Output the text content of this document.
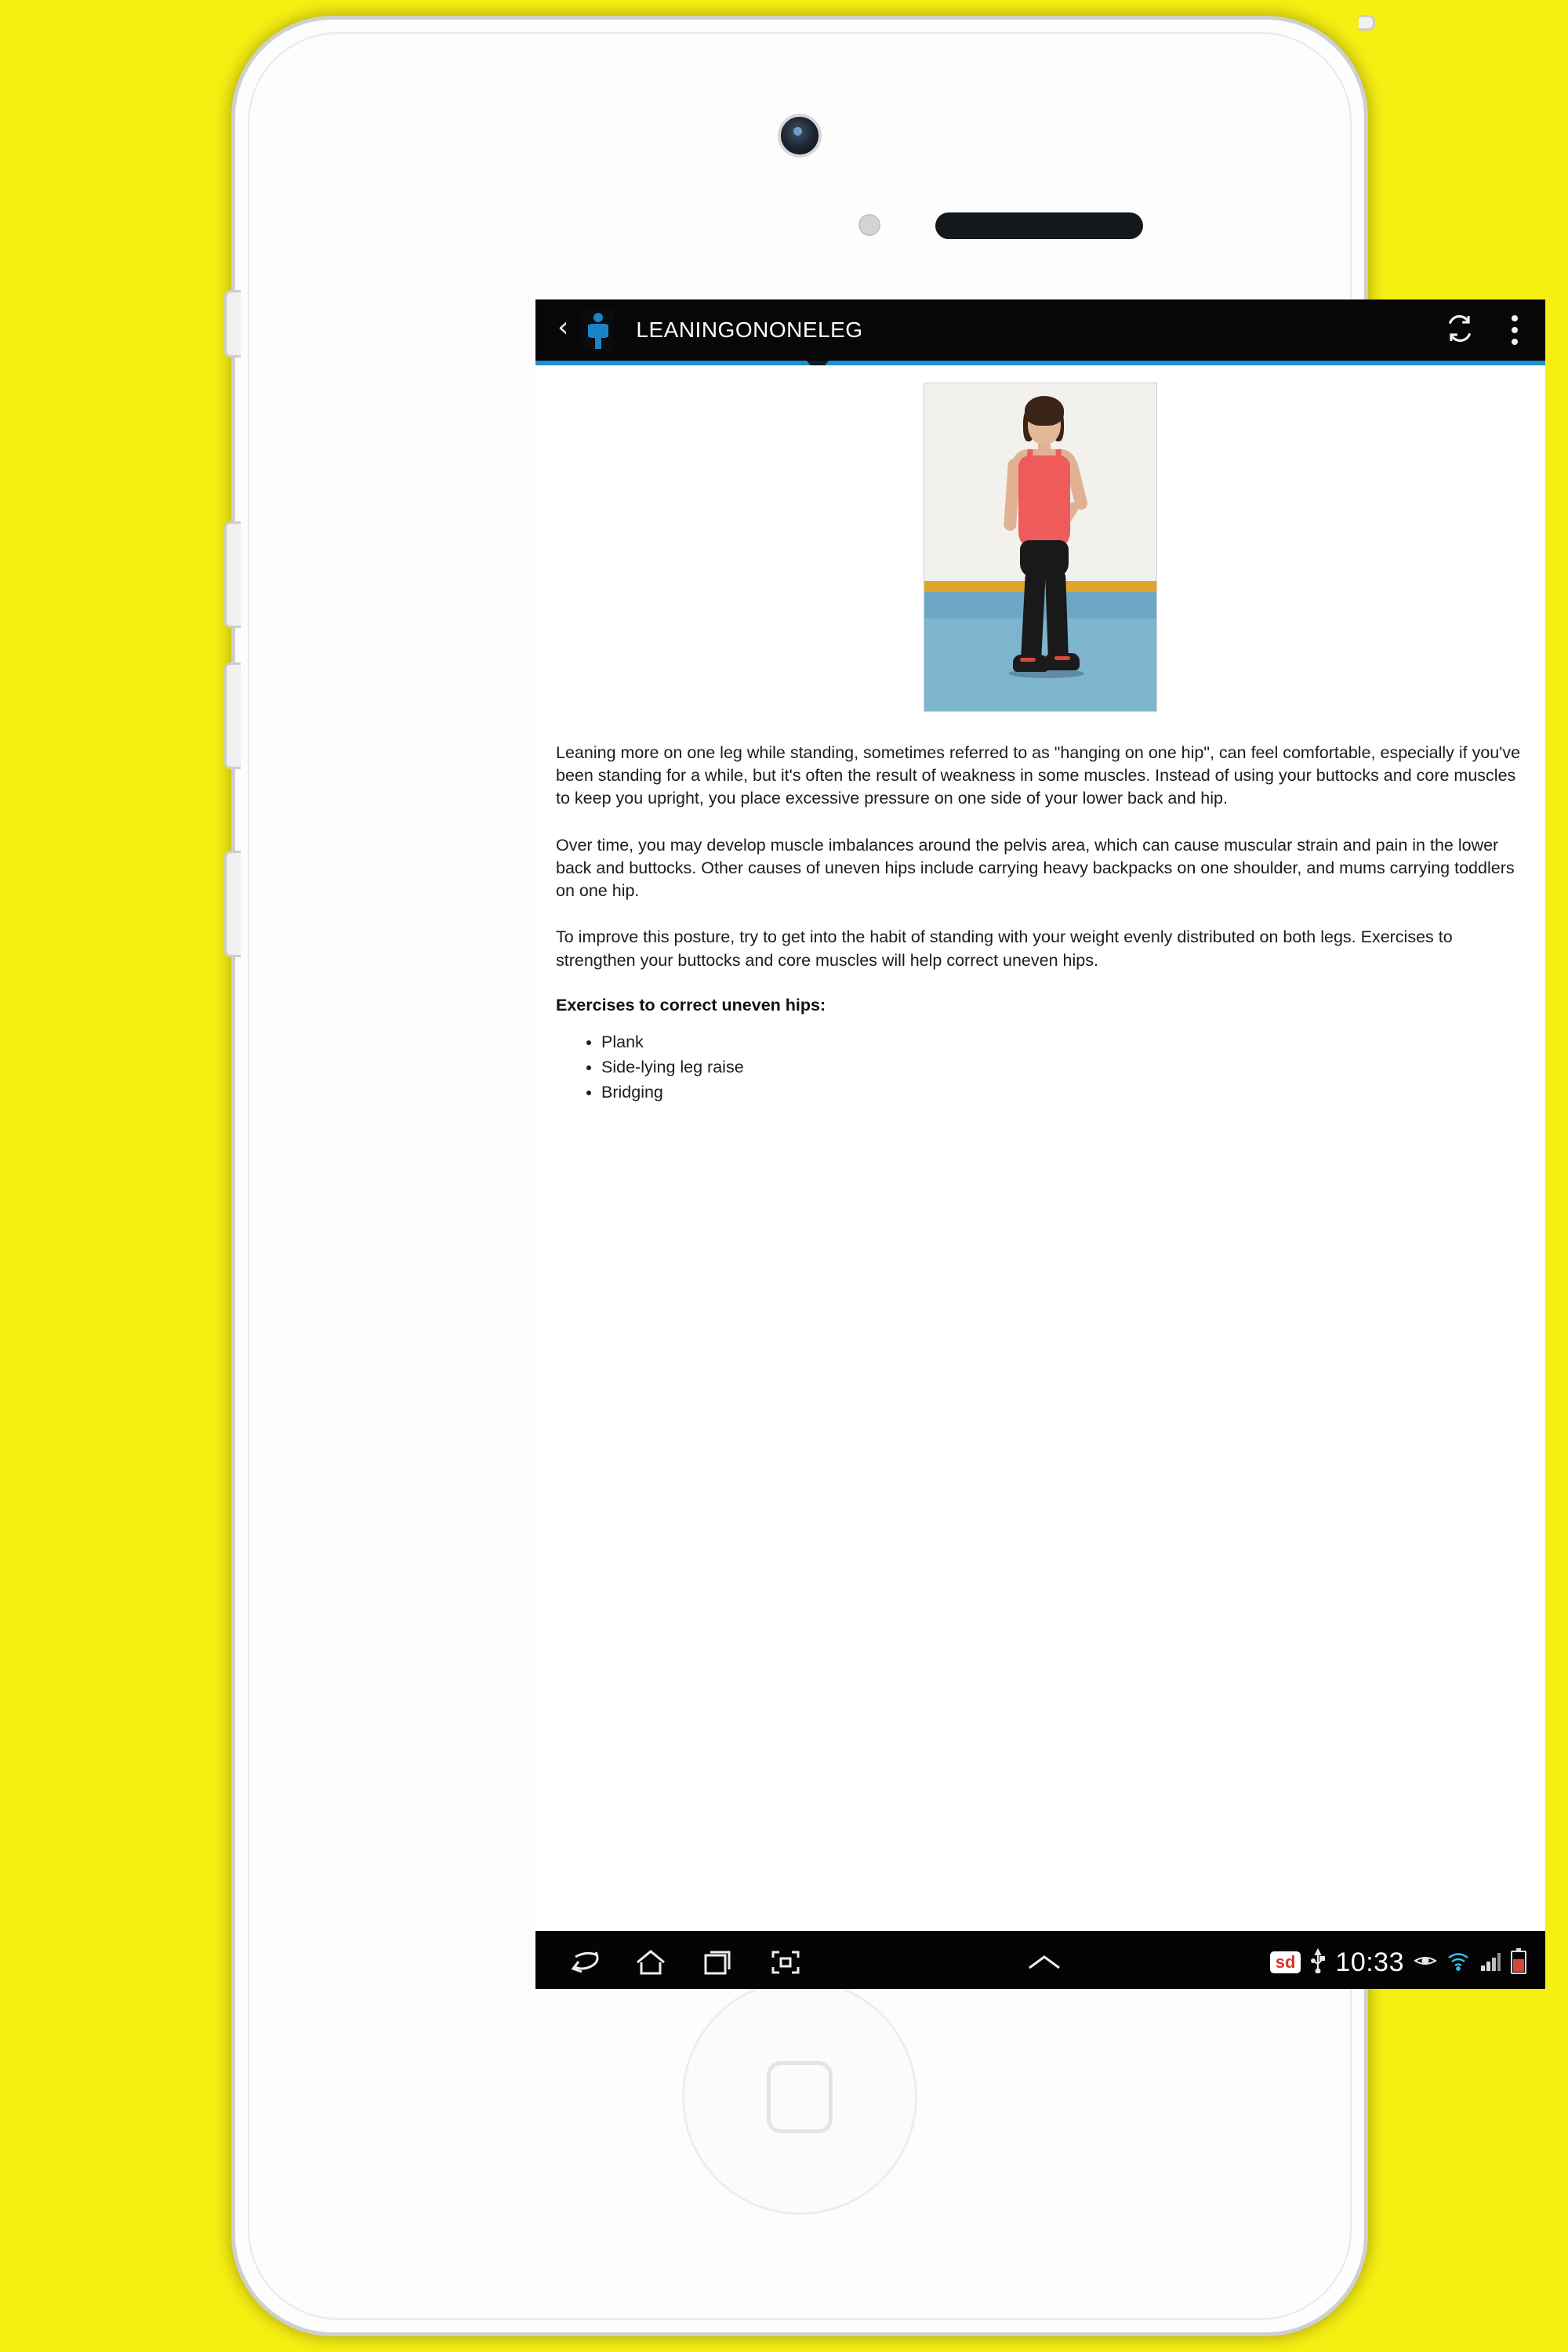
‹	LEANINGONONELEG

Leaning more on one leg while standing, sometimes referred to as "hanging on one hip", can feel comfortable, especially if you've been standing for a while, but it's often the result of weakness in some muscles. Instead of using your buttocks and core muscles to keep you upright, you place excessive pressure on one side of your lower back and hip.

Over time, you may develop muscle imbalances around the pelvis area, which can cause muscular strain and pain in the lower back and buttocks. Other causes of uneven hips include carrying heavy backpacks on one shoulder, and mums carrying toddlers on one hip.

To improve this posture, try to get into the habit of standing with your weight evenly distributed on both legs. Exercises to strengthen your buttocks and core muscles will help correct uneven hips.

Exercises to correct uneven hips:
• Plank
• Side-lying leg raise
• Bridging
sd 10:33
